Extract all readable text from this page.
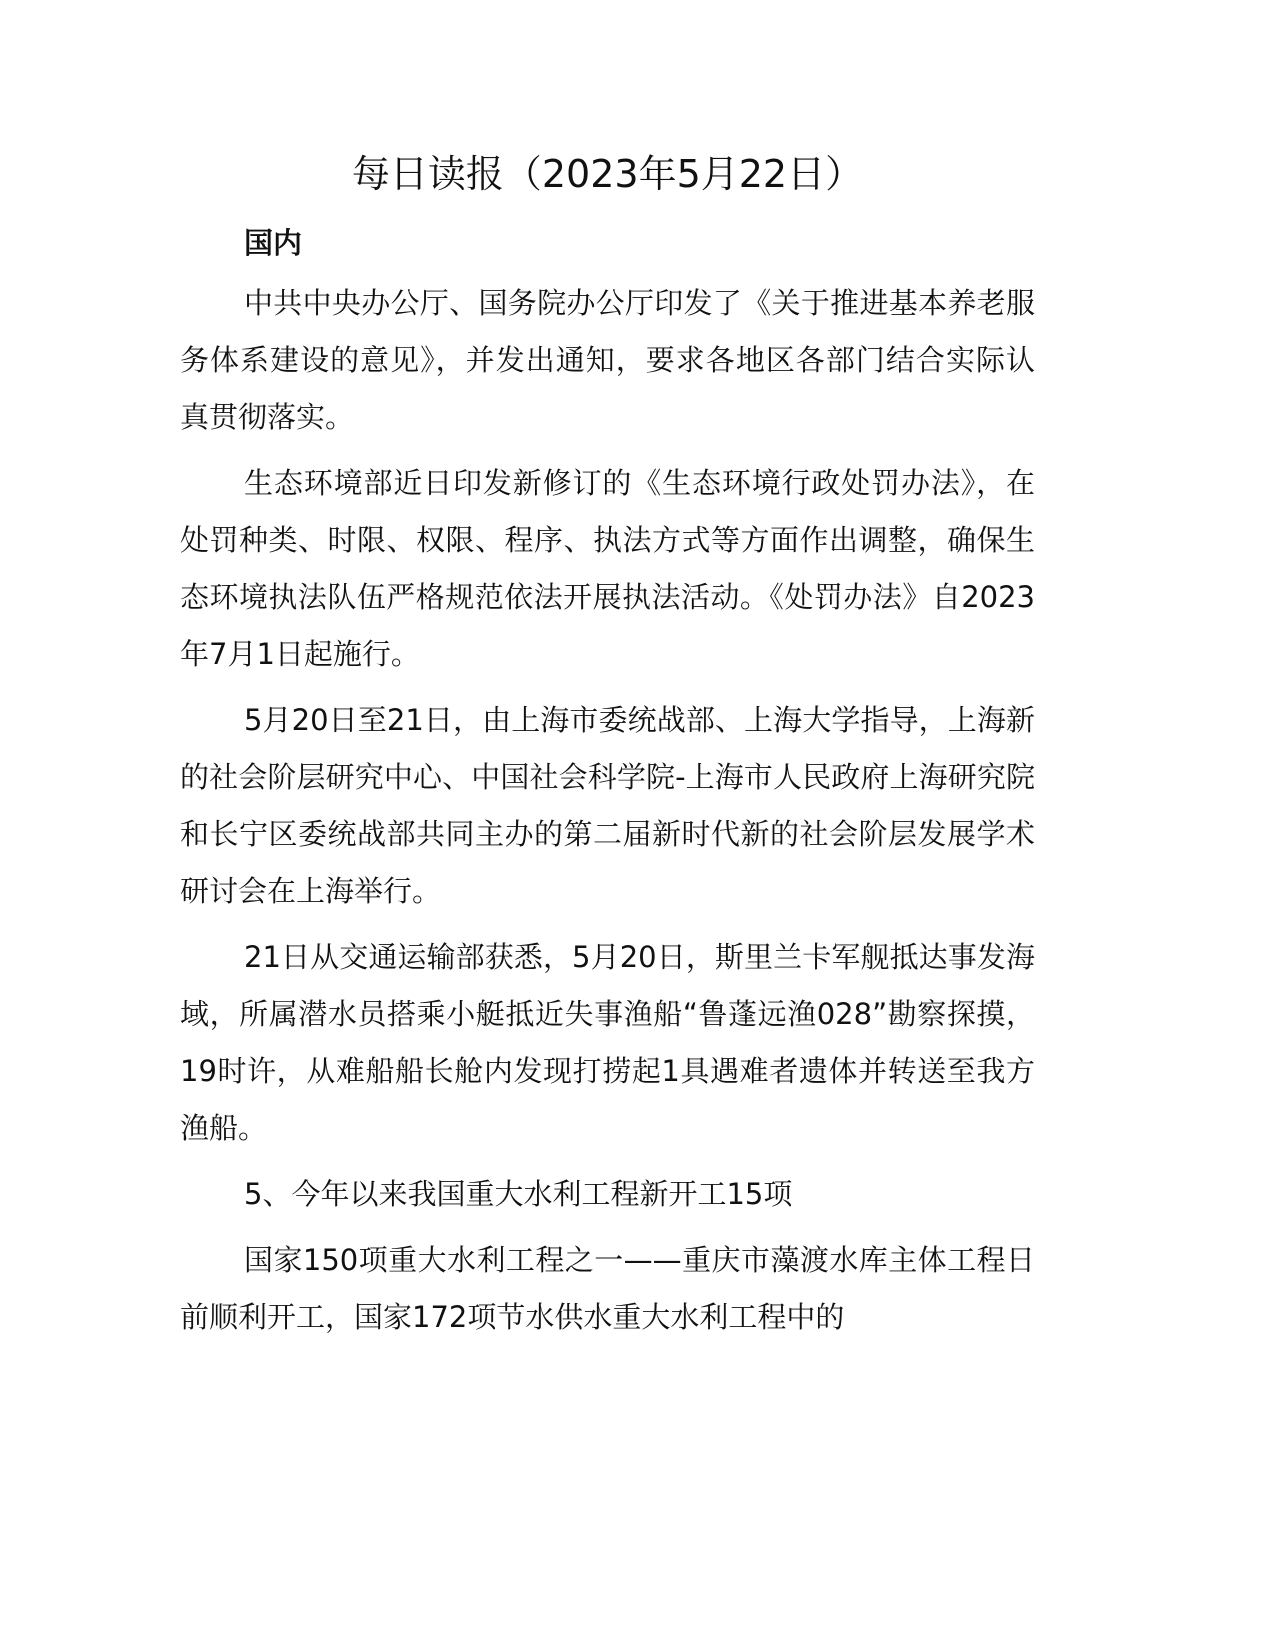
每日读报（2023年5月22日）

国内

中共中央办公厅、国务院办公厅印发了《关于推进基本养老服务体系建设的意见》，并发出通知，要求各地区各部门结合实际认真贯彻落实。

生态环境部近日印发新修订的《生态环境行政处罚办法》，在处罚种类、时限、权限、程序、执法方式等方面作出调整，确保生态环境执法队伍严格规范依法开展执法活动。《处罚办法》自2023年7月1日起施行。

5月20日至21日，由上海市委统战部、上海大学指导，上海新的社会阶层研究中心、中国社会科学院-上海市人民政府上海研究院和长宁区委统战部共同主办的第二届新时代新的社会阶层发展学术研讨会在上海举行。

21日从交通运输部获悉，5月20日，斯里兰卡军舰抵达事发海域，所属潜水员搭乘小艇抵近失事渔船“鲁蓬远渔028”勘察探摸，19时许，从难船船长舱内发现打捞起1具遇难者遗体并转送至我方渔船。

5、今年以来我国重大水利工程新开工15项

国家150项重大水利工程之一——重庆市藻渡水库主体工程日前顺利开工，国家172项节水供水重大水利工程中的
